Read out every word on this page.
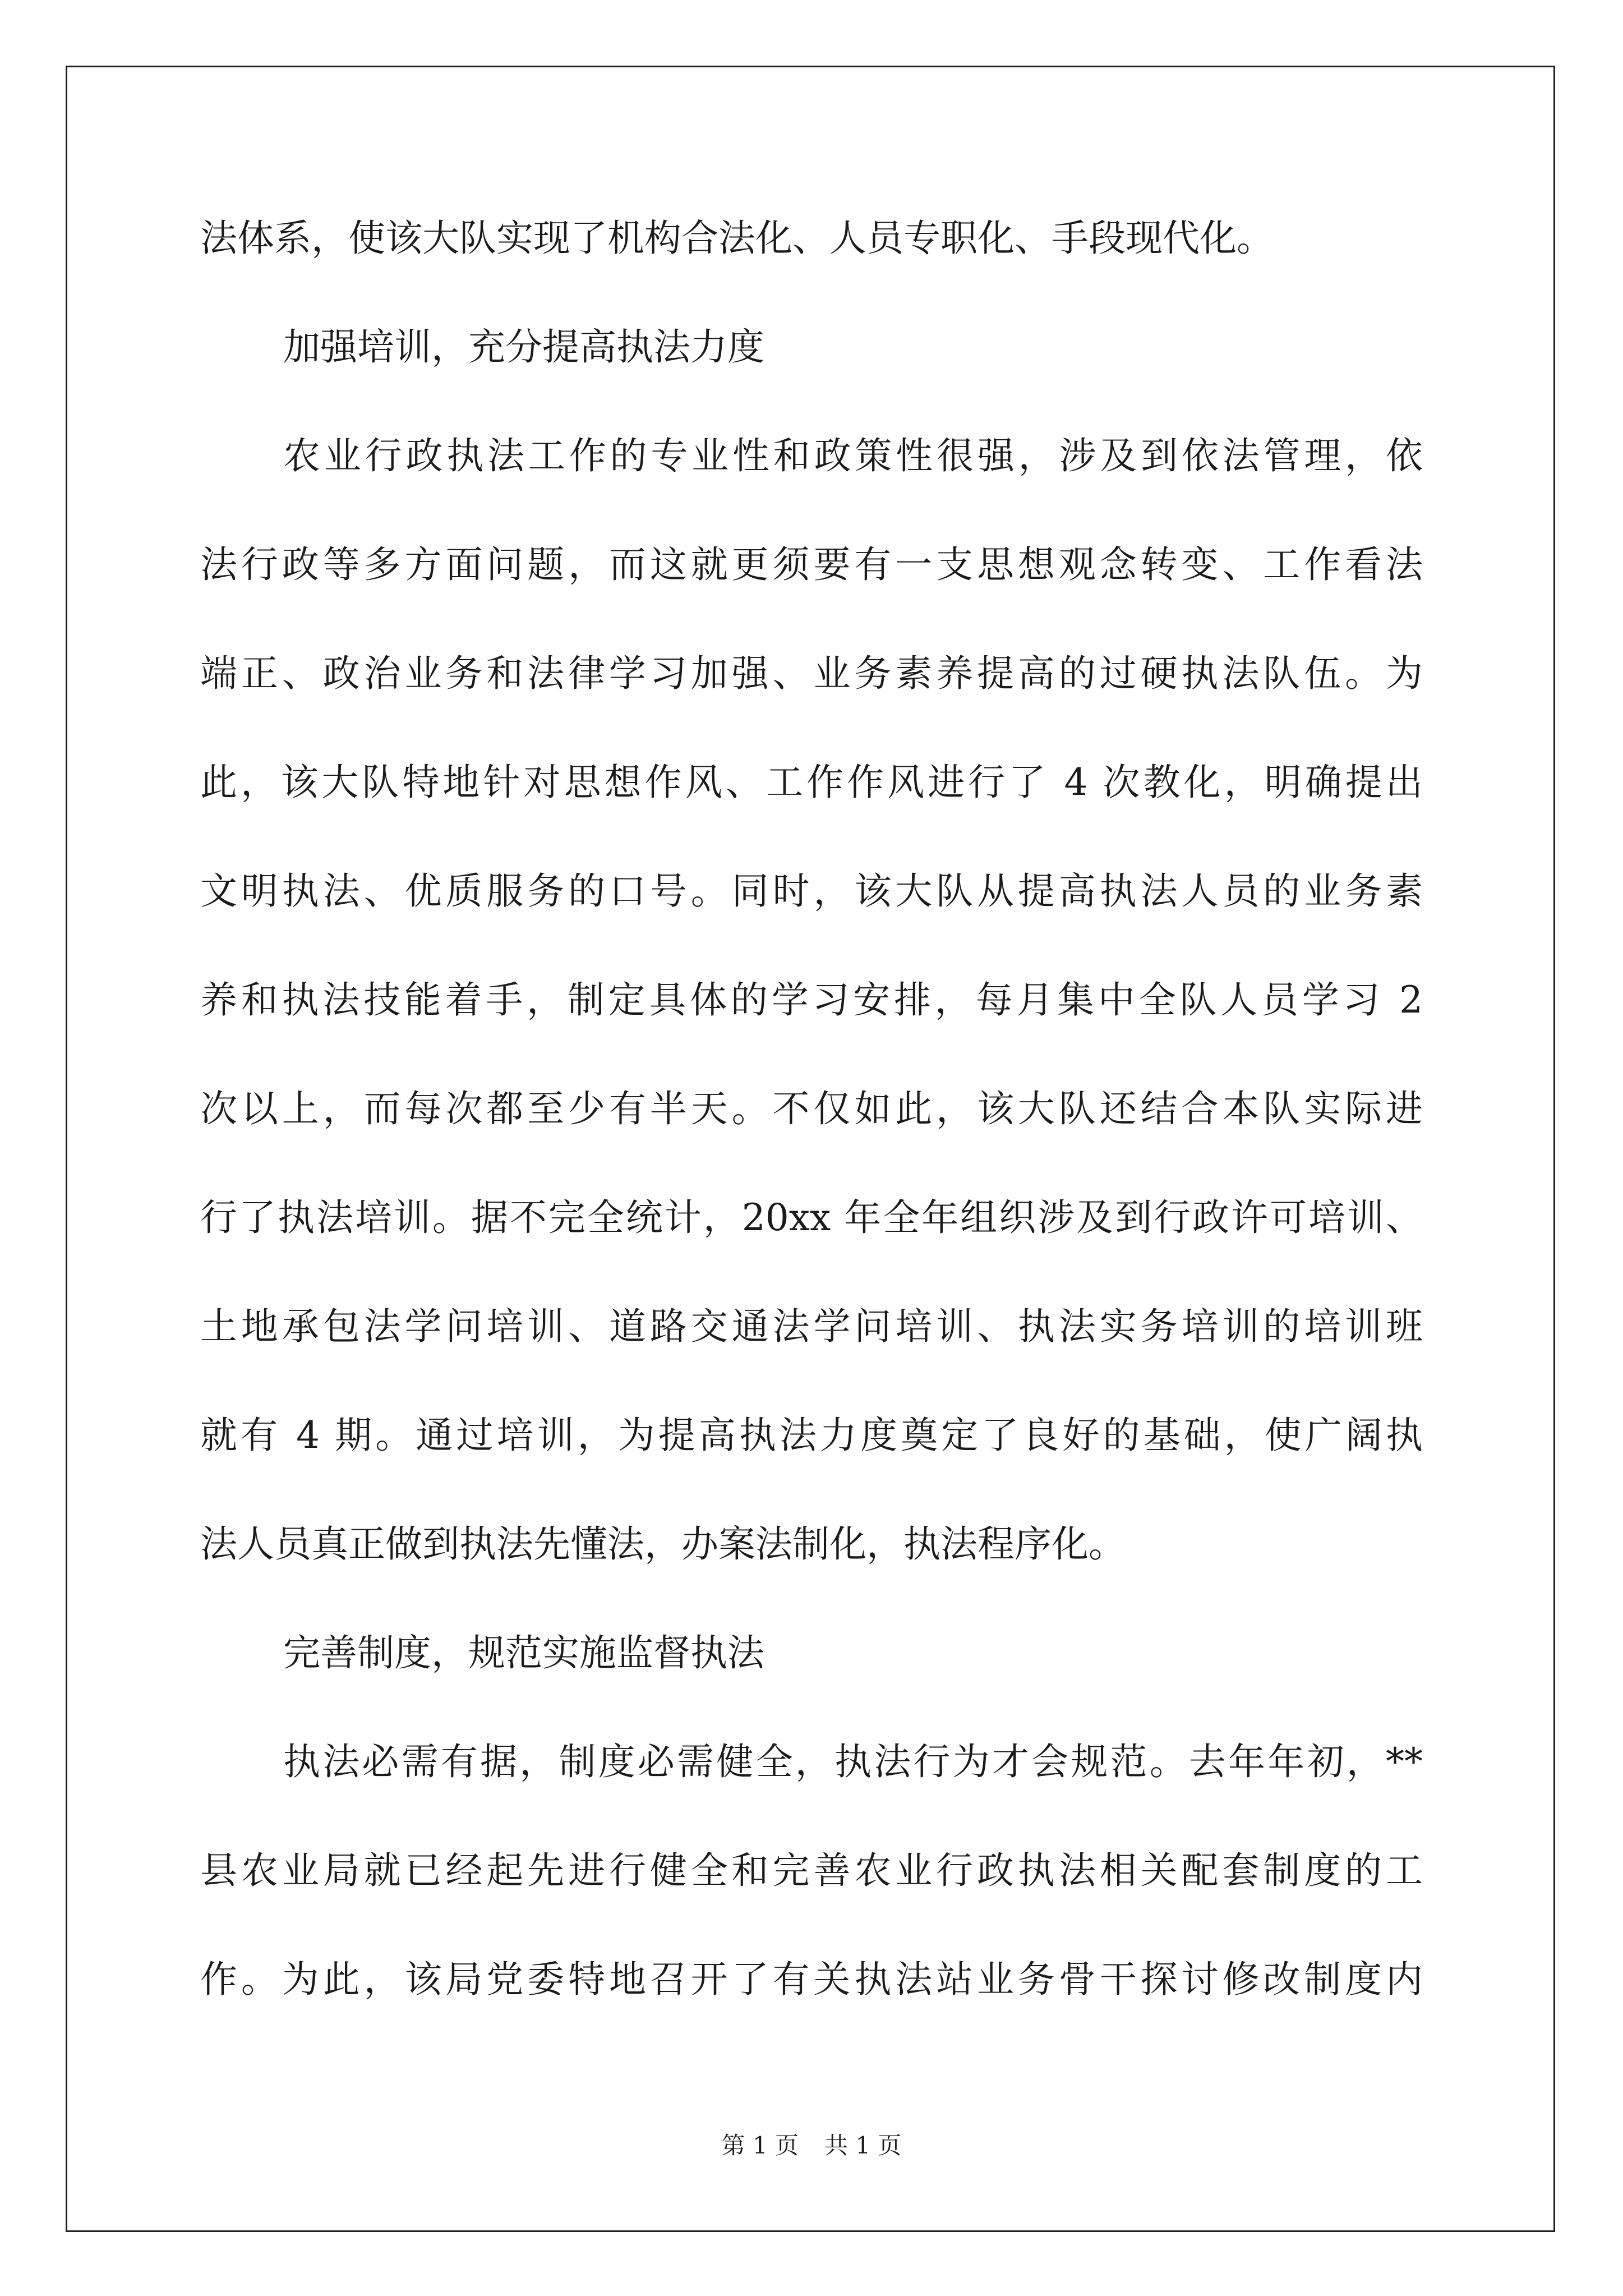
法体系，使该大队实现了机构合法化、人员专职化、手段现代化。
加强培训，充分提高执法力度
农业行政执法工作的专业性和政策性很强，涉及到依法管理，依
法行政等多方面问题，而这就更须要有一支思想观念转变、工作看法
端正、政治业务和法律学习加强、业务素养提高的过硬执法队伍。为
此，该大队特地针对思想作风、工作作风进行了 4 次教化，明确提出
文明执法、优质服务的口号。同时，该大队从提高执法人员的业务素
养和执法技能着手，制定具体的学习安排，每月集中全队人员学习 2
次以上，而每次都至少有半天。不仅如此，该大队还结合本队实际进
行了执法培训。据不完全统计，20xx 年全年组织涉及到行政许可培训、
土地承包法学问培训、道路交通法学问培训、执法实务培训的培训班
就有 4 期。通过培训，为提高执法力度奠定了良好的基础，使广阔执
法人员真正做到执法先懂法，办案法制化，执法程序化。
完善制度，规范实施监督执法
执法必需有据，制度必需健全，执法行为才会规范。去年年初，**
县农业局就已经起先进行健全和完善农业行政执法相关配套制度的工
作。为此，该局党委特地召开了有关执法站业务骨干探讨修改制度内
第 1 页 共 1 页
